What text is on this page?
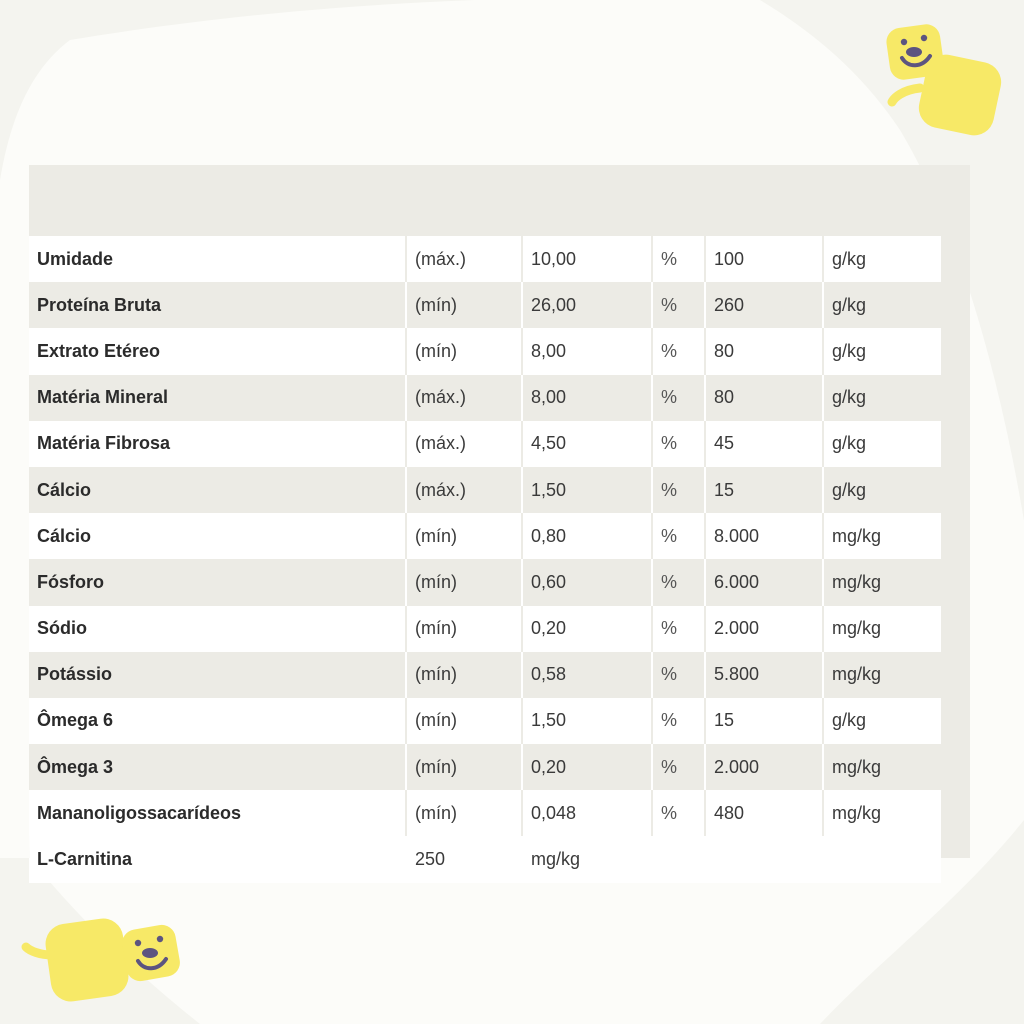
Umidade	(máx.)	10,00	%	100	g/kg
Proteína Bruta	(mín)	26,00	%	260	g/kg
Extrato Etéreo	(mín)	8,00	%	80	g/kg
Matéria Mineral	(máx.)	8,00	%	80	g/kg
Matéria Fibrosa	(máx.)	4,50	%	45	g/kg
Cálcio	(máx.)	1,50	%	15	g/kg
Cálcio	(mín)	0,80	%	8.000	mg/kg
Fósforo	(mín)	0,60	%	6.000	mg/kg
Sódio	(mín)	0,20	%	2.000	mg/kg
Potássio	(mín)	0,58	%	5.800	mg/kg
Ômega 6	(mín)	1,50	%	15	g/kg
Ômega 3	(mín)	0,20	%	2.000	mg/kg
Mananoligossacarídeos	(mín)	0,048	%	480	mg/kg
L-Carnitina	250	mg/kg			
